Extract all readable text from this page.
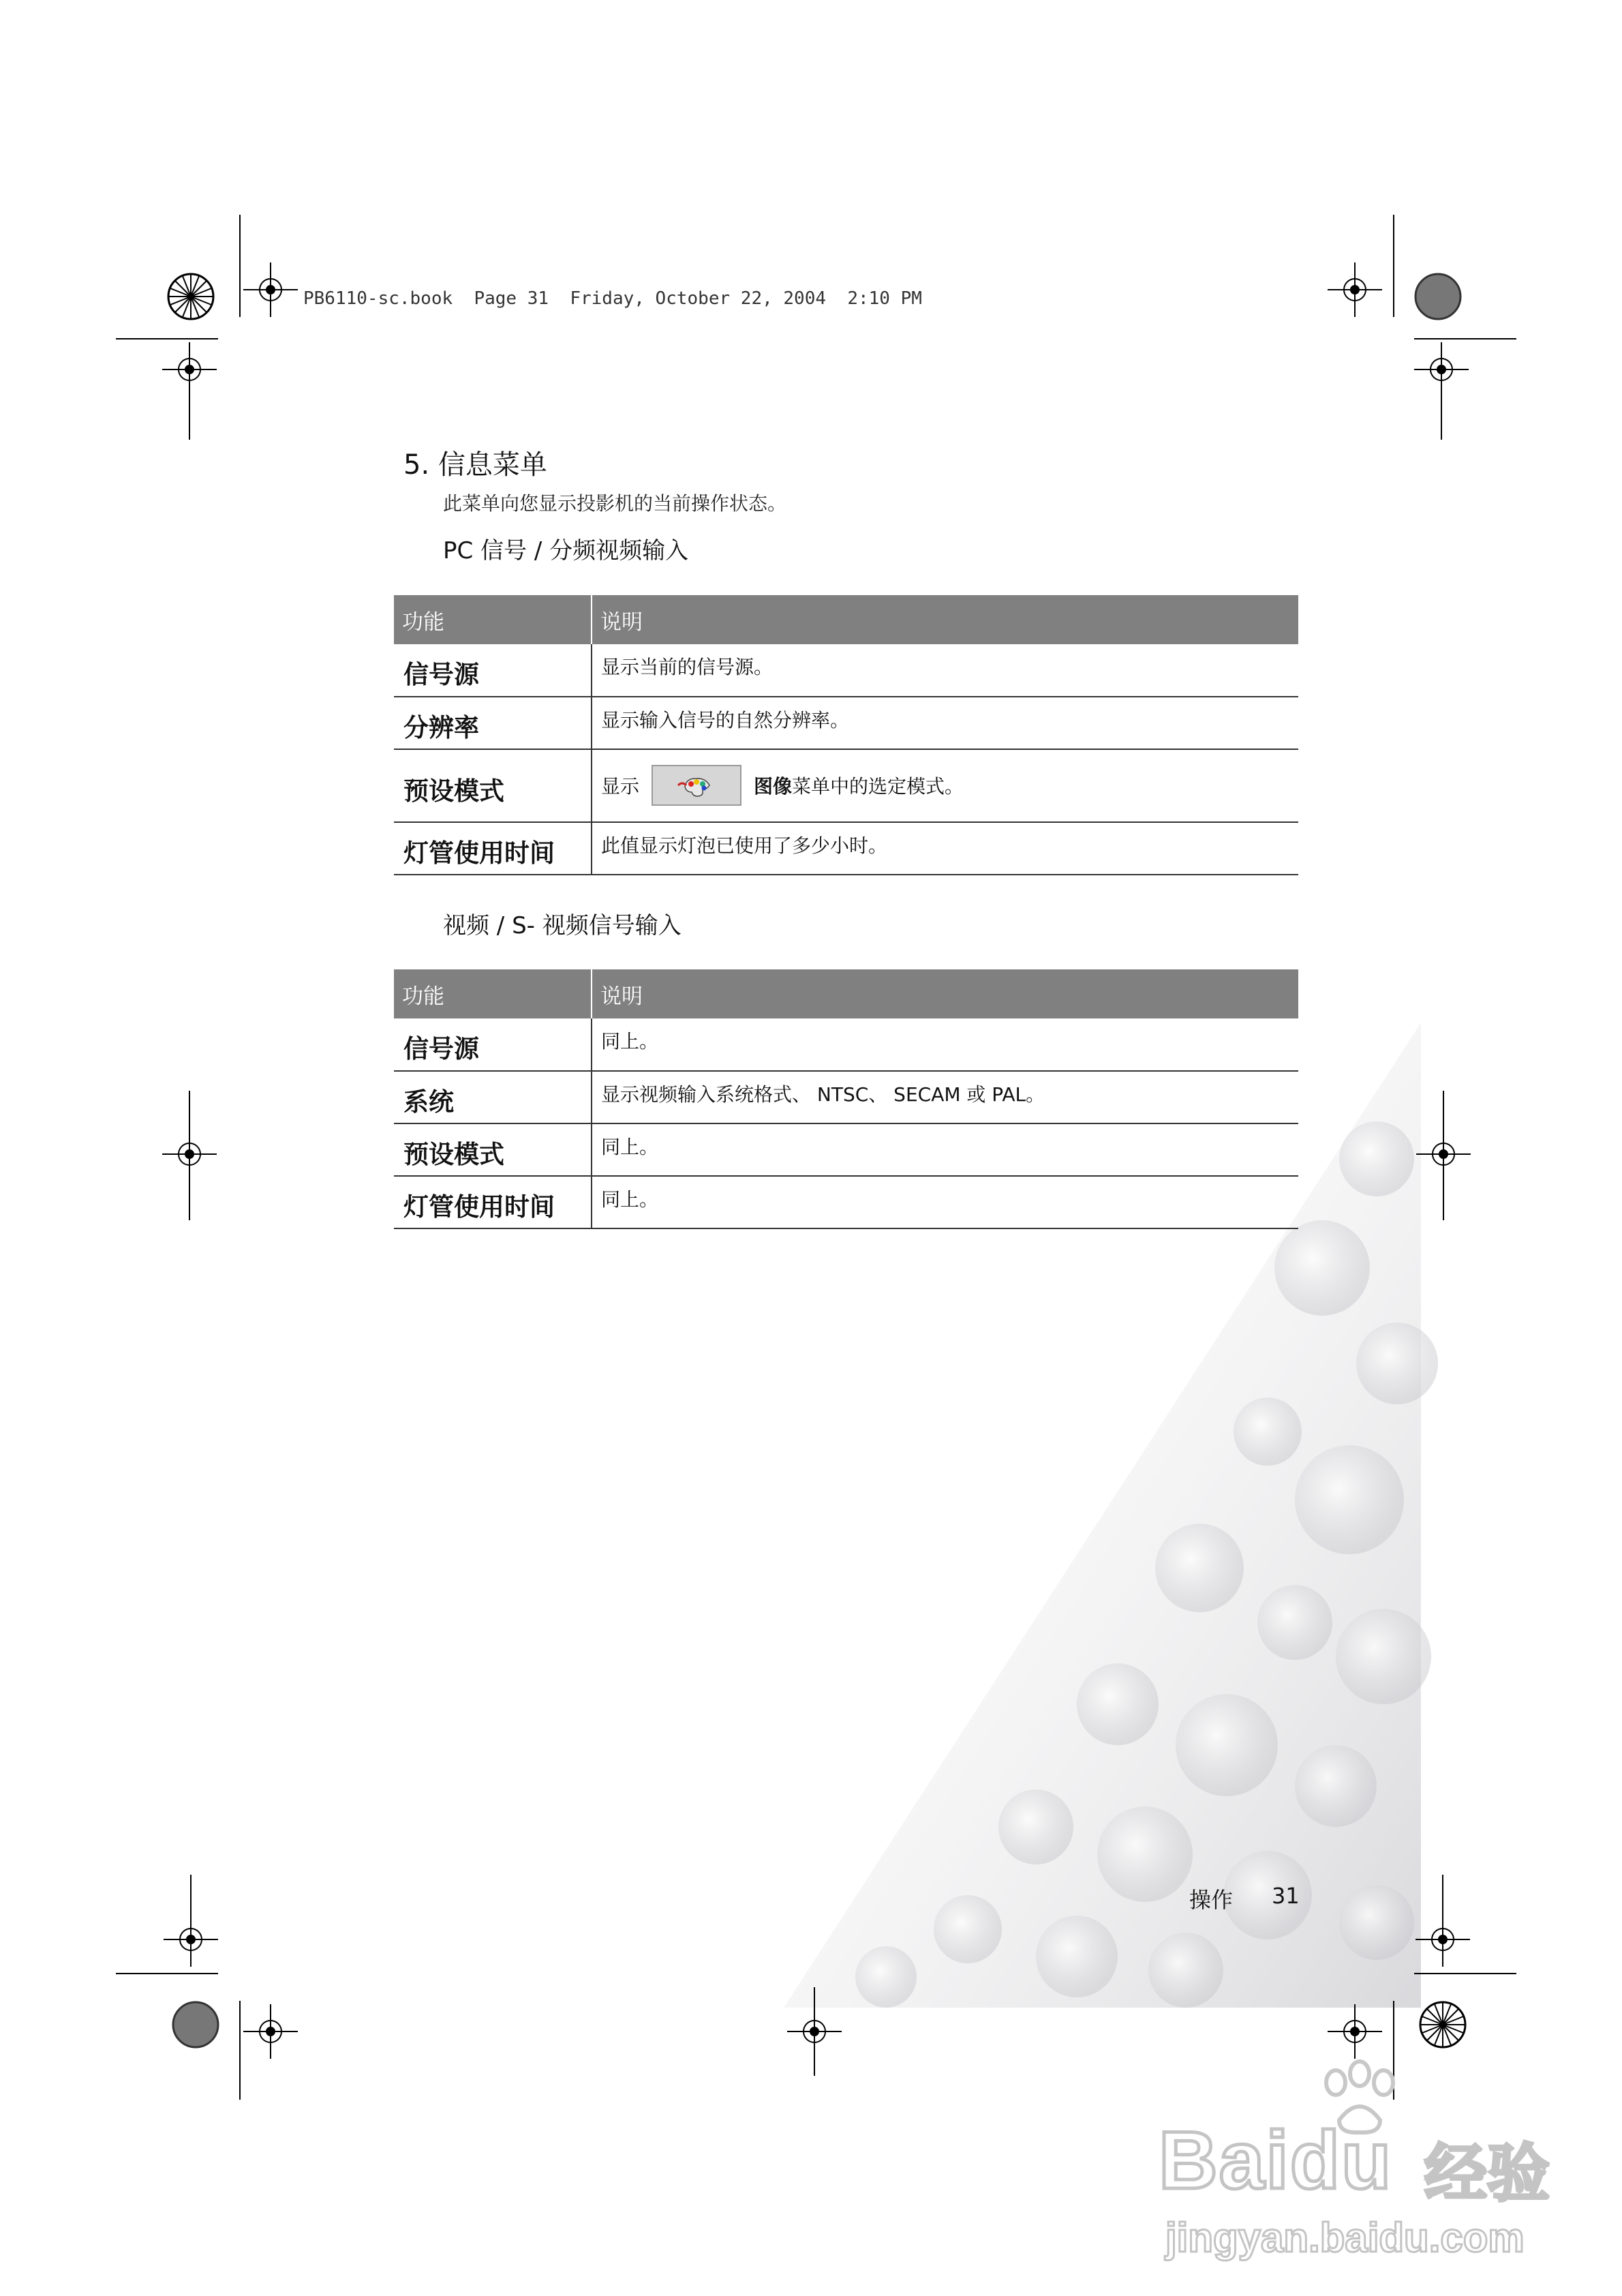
PB6110-sc.book  Page 31  Friday, October 22, 2004  2:10 PM
5. 信息菜单
此菜单向您显示投影机的当前操作状态。
PC 信号 / 分频视频输入
功能	说明
信号源	显示当前的信号源。
分辨率	显示输入信号的自然分辨率。
预设模式	显示 图像菜单中的选定模式。

灯管使用时间	此值显示灯泡已使用了多少小时。
视频 / S- 视频信号输入
功能	说明
信号源	同上。
系统	显示视频输入系统格式、 NTSC、 SECAM 或 PAL。
预设模式	同上。
灯管使用时间	同上。
操作 31
Baidu 经验
jingyan.baidu.com
